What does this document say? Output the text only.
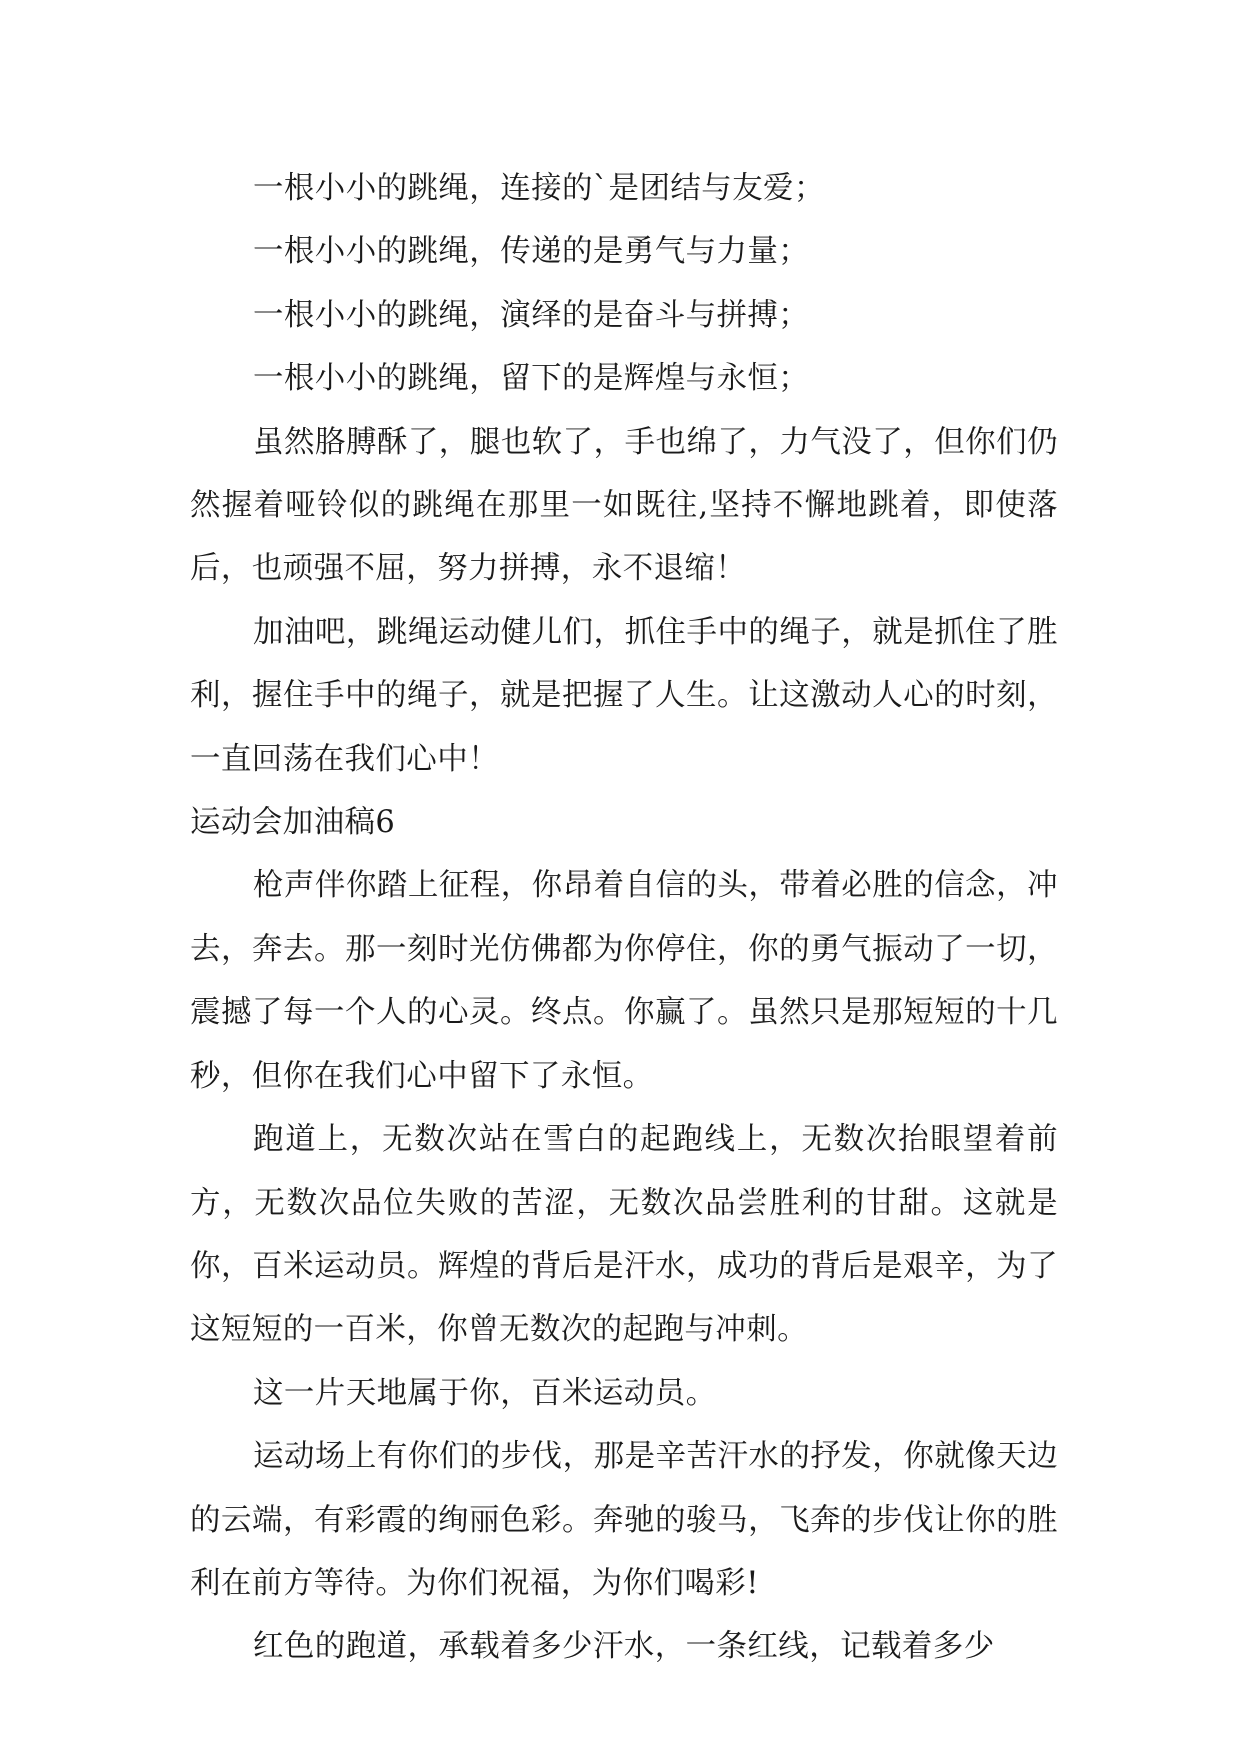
一根小小的跳绳，连接的`是团结与友爱；

一根小小的跳绳，传递的是勇气与力量；

一根小小的跳绳，演绎的是奋斗与拼搏；

一根小小的跳绳，留下的是辉煌与永恒；

虽然胳膊酥了，腿也软了，手也绵了，力气没了，但你们仍然握着哑铃似的跳绳在那里一如既往,坚持不懈地跳着，即使落后，也顽强不屈，努力拼搏，永不退缩！

加油吧，跳绳运动健儿们，抓住手中的绳子，就是抓住了胜利，握住手中的绳子，就是把握了人生。让这激动人心的时刻，一直回荡在我们心中！

运动会加油稿6

枪声伴你踏上征程，你昂着自信的头，带着必胜的信念，冲去，奔去。那一刻时光仿佛都为你停住，你的勇气振动了一切，震撼了每一个人的心灵。终点。你赢了。虽然只是那短短的十几秒，但你在我们心中留下了永恒。

跑道上，无数次站在雪白的起跑线上，无数次抬眼望着前方，无数次品位失败的苦涩，无数次品尝胜利的甘甜。这就是你，百米运动员。辉煌的背后是汗水，成功的背后是艰辛，为了这短短的一百米，你曾无数次的起跑与冲刺。

这一片天地属于你，百米运动员。

运动场上有你们的步伐，那是辛苦汗水的抒发，你就像天边的云端，有彩霞的绚丽色彩。奔驰的骏马，飞奔的步伐让你的胜利在前方等待。为你们祝福，为你们喝彩!

红色的跑道，承载着多少汗水，一条红线，记载着多少
